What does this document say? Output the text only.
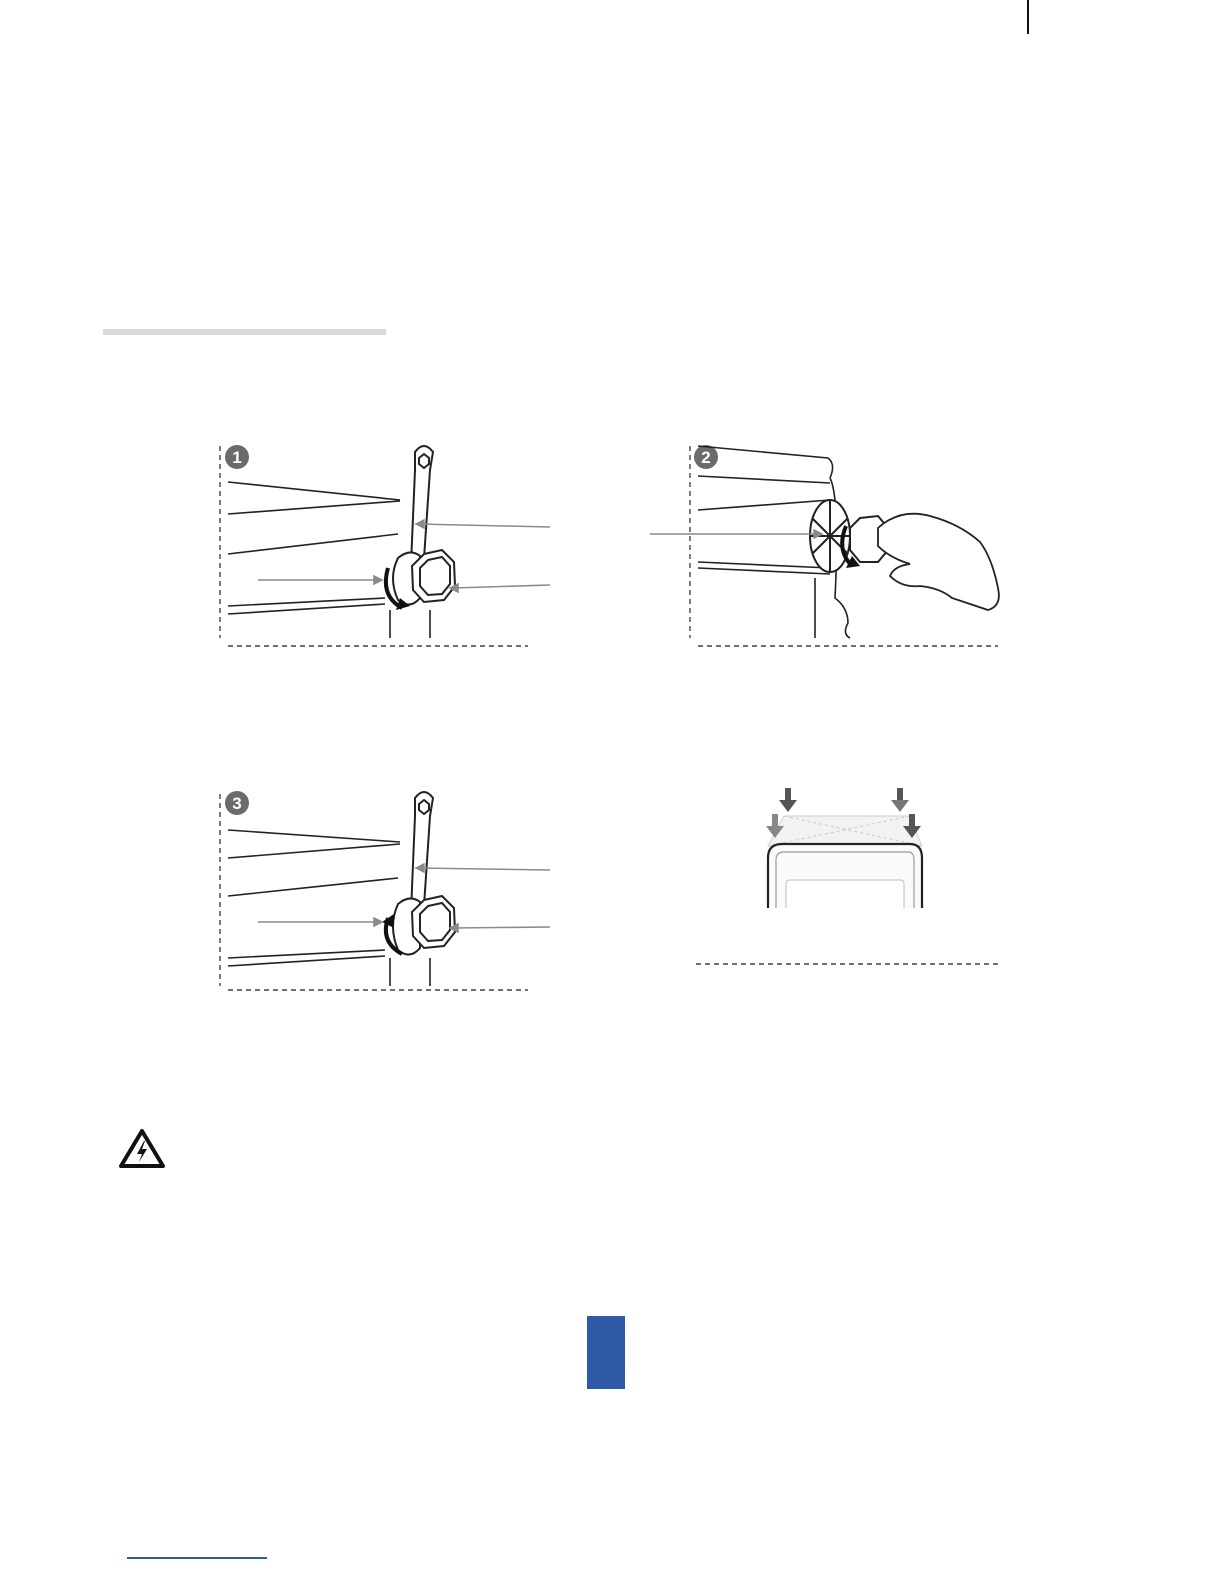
1	2
3
